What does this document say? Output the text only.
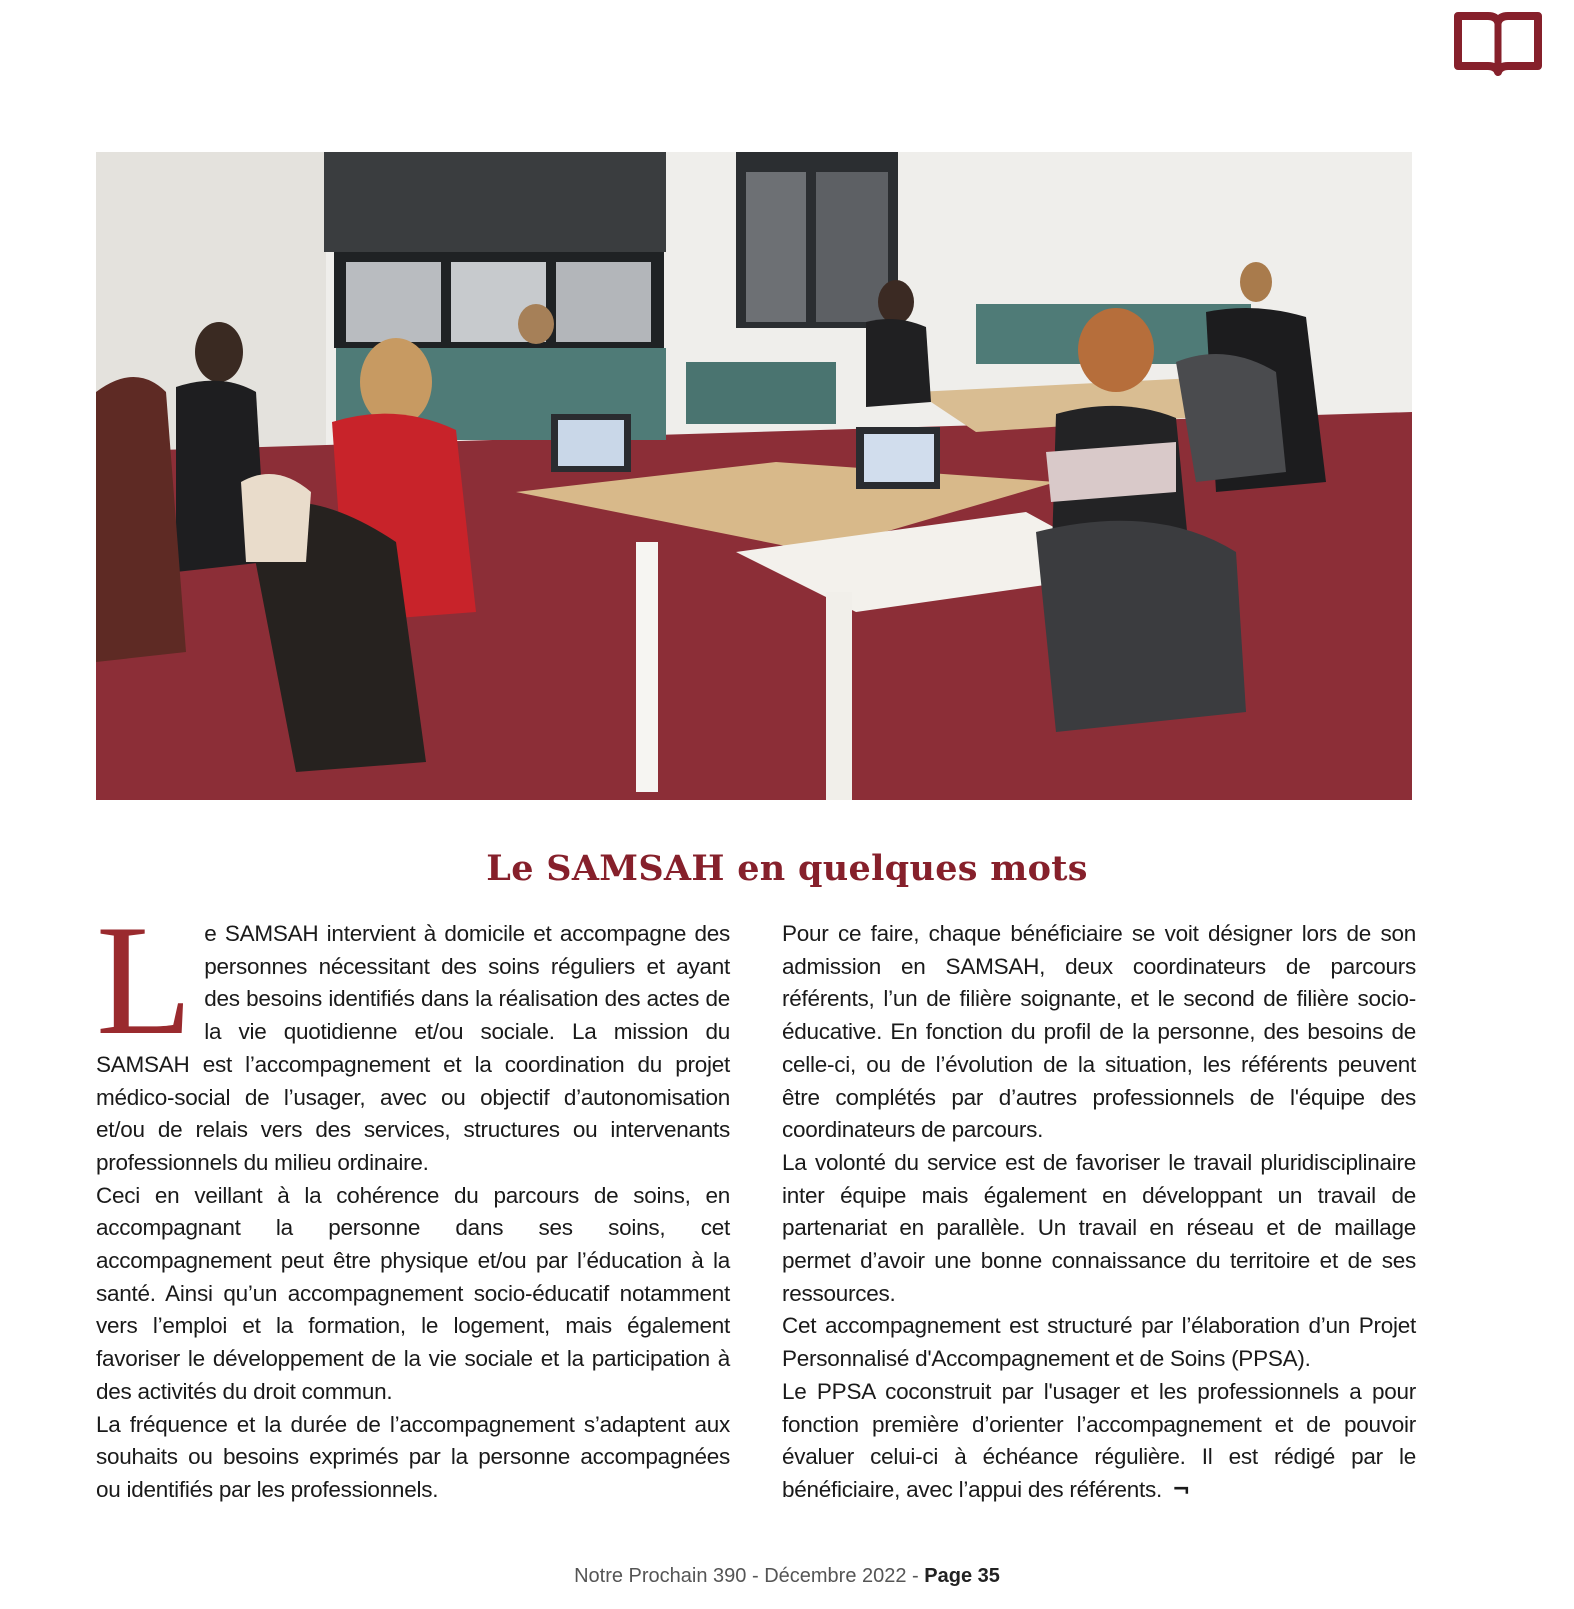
Le SAMSAH en quelques mots

Le SAMSAH intervient à domicile et accompagne des personnes nécessitant des soins réguliers et ayant des besoins identifiés dans la réalisation des actes de la vie quotidienne et/ou sociale. La mission du SAMSAH est l’accompagnement et la coordination du projet médico-social de l’usager, avec ou objectif d’autonomisation et/ou de relais vers des services, structures ou intervenants professionnels du milieu ordinaire.

Ceci en veillant à la cohérence du parcours de soins, en accompagnant la personne dans ses soins, cet accompagnement peut être physique et/ou par l’éducation à la santé. Ainsi qu’un accompagnement socio-éducatif notamment vers l’emploi et la formation, le logement, mais également favoriser le développement de la vie sociale et la participation à des activités du droit commun.

La fréquence et la durée de l’accompagnement s’adaptent aux souhaits ou besoins exprimés par la personne accompagnées ou identifiés par les professionnels.

Pour ce faire, chaque bénéficiaire se voit désigner lors de son admission en SAMSAH, deux coordinateurs de parcours référents, l’un de filière soignante, et le second de filière socio-éducative. En fonction du profil de la personne, des besoins de celle-ci, ou de l’évolution de la situation, les référents peuvent être complétés par d’autres professionnels de l'équipe des coordinateurs de parcours.

La volonté du service est de favoriser le travail pluridisciplinaire inter équipe mais également en développant un travail de partenariat en parallèle. Un travail en réseau et de maillage permet d’avoir une bonne connaissance du territoire et de ses ressources.

Cet accompagnement est structuré par l’élaboration d’un Projet Personnalisé d'Accompagnement et de Soins (PPSA).

Le PPSA coconstruit par l'usager et les professionnels a pour fonction première d’orienter l’accompagnement et de pouvoir évaluer celui-ci à échéance régulière. Il est rédigé par le bénéficiaire, avec l’appui des référents. ¬

Notre Prochain 390 - Décembre 2022 - Page 35
